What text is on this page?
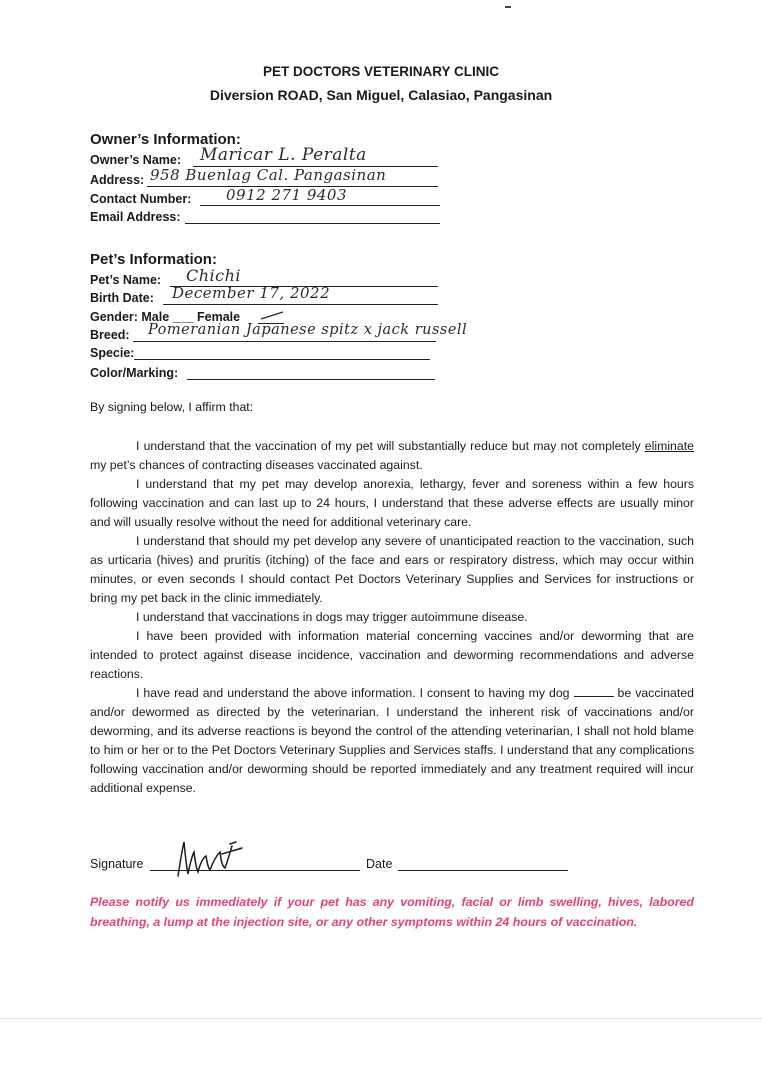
PET DOCTORS VETERINARY CLINIC
Diversion ROAD, San Miguel, Calasiao, Pangasinan
Owner’s Information:
Owner’s Name: Maricar L. Peralta
Address: 958 Buenlag Cal. Pangasinan
Contact Number: 0912 271 9403
Email Address:
Pet’s Information:
Pet’s Name: Chichi
Birth Date: December 17, 2022
Gender: Male ___ Female
Breed: Pomeranian Japanese spitz x jack russell
Specie:
Color/Marking:
By signing below, I affirm that:

I understand that the vaccination of my pet will substantially reduce but may not completely eliminate my pet’s chances of contracting diseases vaccinated against.

I understand that my pet may develop anorexia, lethargy, fever and soreness within a few hours following vaccination and can last up to 24 hours, I understand that these adverse effects are usually minor and will usually resolve without the need for additional veterinary care.

I understand that should my pet develop any severe of unanticipated reaction to the vaccination, such as urticaria (hives) and pruritis (itching) of the face and ears or respiratory distress, which may occur within minutes, or even seconds I should contact Pet Doctors Veterinary Supplies and Services for instructions or bring my pet back in the clinic immediately.

I understand that vaccinations in dogs may trigger autoimmune disease.

I have been provided with information material concerning vaccines and/or deworming that are intended to protect against disease incidence, vaccination and deworming recommendations and adverse reactions.

I have read and understand the above information. I consent to having my dog	be vaccinated and/or dewormed as directed by the veterinarian. I understand the inherent risk of vaccinations and/or deworming, and its adverse reactions is beyond the control of the attending veterinarian, I shall not hold blame to him or her or to the Pet Doctors Veterinary Supplies and Services staffs. I understand that any complications following vaccination and/or deworming should be reported immediately and any treatment required will incur additional expense.

Signature	Date
Please notify us immediately if your pet has any vomiting, facial or limb swelling, hives, labored breathing, a lump at the injection site, or any other symptoms within 24 hours of vaccination.
